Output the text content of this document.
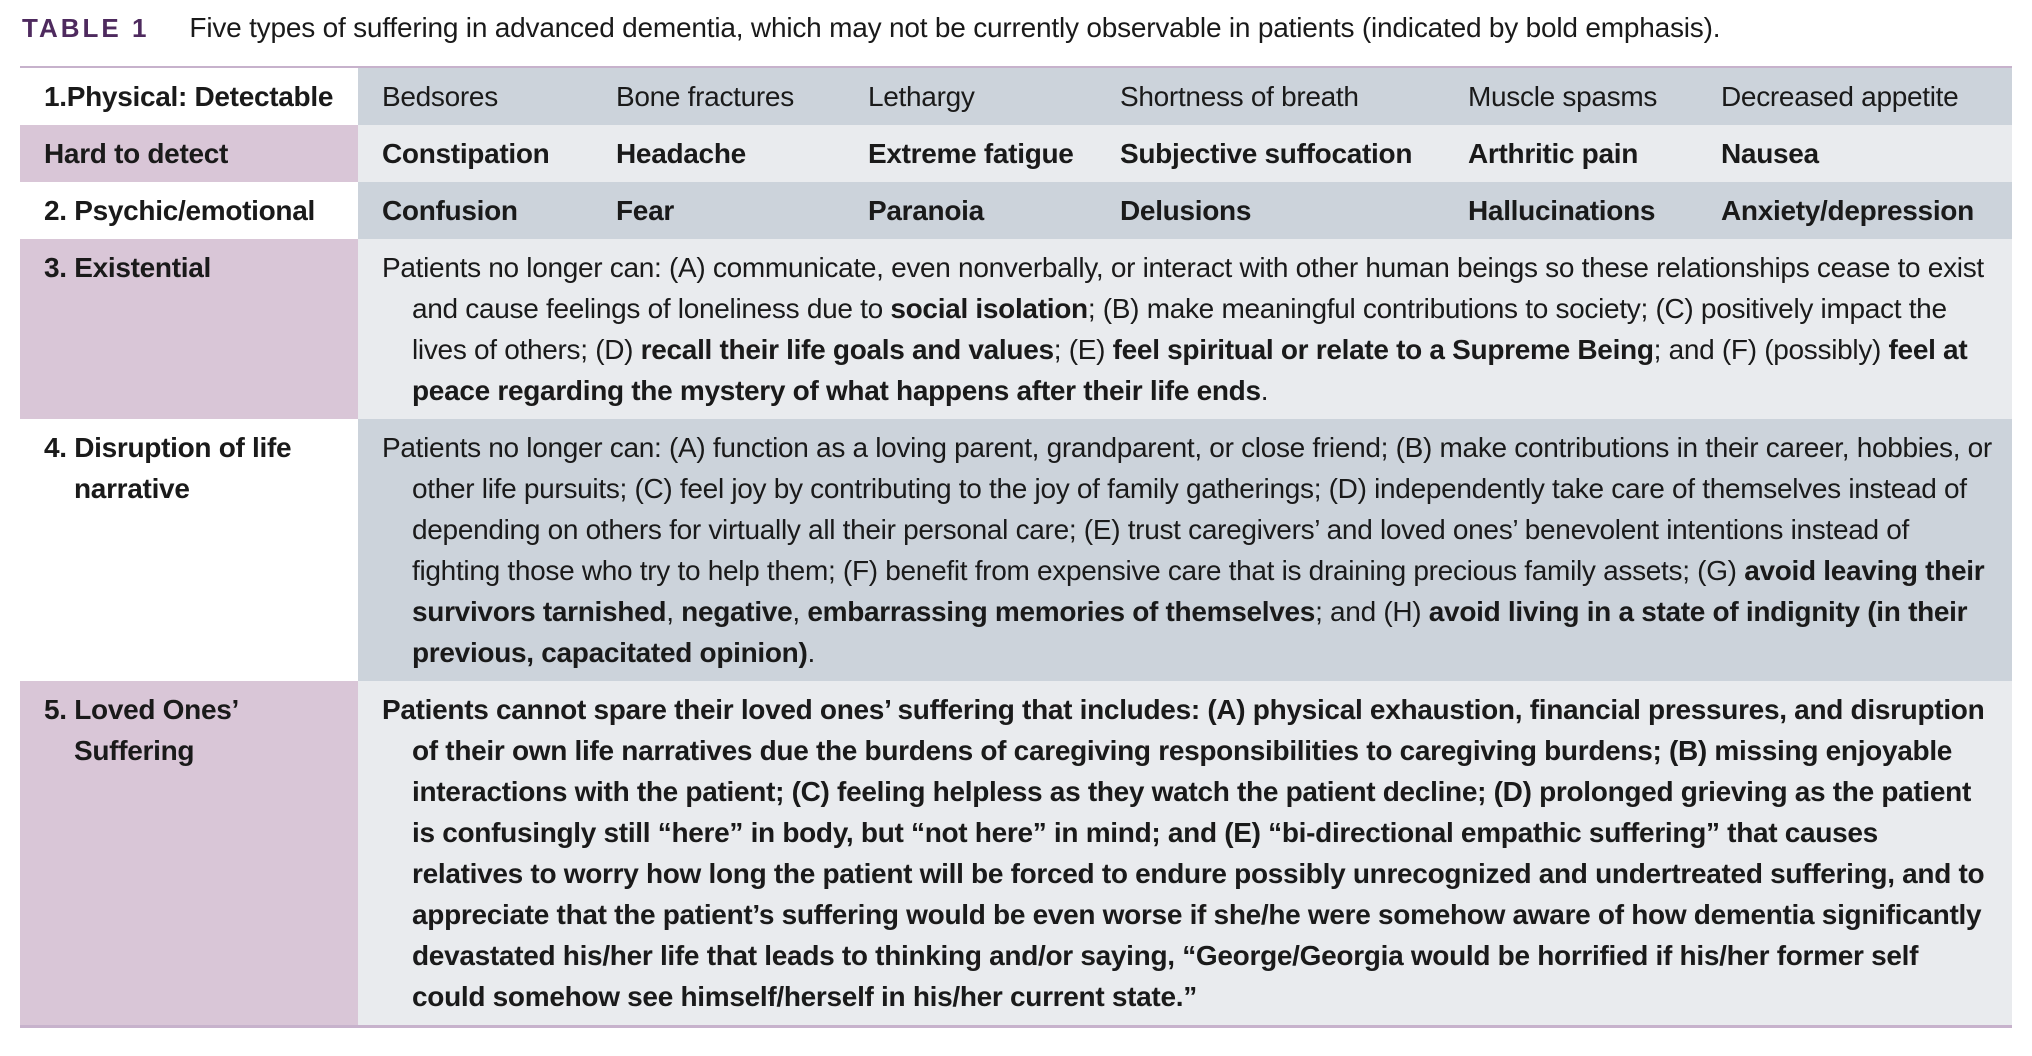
TABLE 1 Five types of suffering in advanced dementia, which may not be currently observable in patients (indicated by bold emphasis).
1.Physical: Detectable	Bedsores	Bone fractures	Lethargy	Shortness of breath	Muscle spasms	Decreased appetite
Hard to detect	Constipation	Headache	Extreme fatigue	Subjective suffocation	Arthritic pain	Nausea
2. Psychic/emotional	Confusion	Fear	Paranoia	Delusions	Hallucinations	Anxiety/depression
3. Existential	Patients no longer can: (A) communicate, even nonverbally, or interact with other human beings so these relationships cease to exist and cause feelings of loneliness due to social isolation; (B) make meaningful contributions to society; (C) positively impact the lives of others; (D) recall their life goals and values; (E) feel spiritual or relate to a Supreme Being; and (F) (possibly) feel at peace regarding the mystery of what happens after their life ends.					

4. Disruption of life
narrative	Patients no longer can: (A) function as a loving parent, grandparent, or close friend; (B) make contributions in their career, hobbies, or other life pursuits; (C) feel joy by contributing to the joy of family gatherings; (D) independently take care of themselves instead of depending on others for virtually all their personal care; (E) trust caregivers’ and loved ones’ benevolent intentions instead of fighting those who try to help them; (F) benefit from expensive care that is draining precious family assets; (G) avoid leaving their survivors tarnished, negative, embarrassing memories of themselves; and (H) avoid living in a state of indignity (in their previous, capacitated opinion).					

5. Loved Ones’
Suffering	Patients cannot spare their loved ones’ suffering that includes: (A) physical exhaustion, financial pressures, and disruption of their own life narratives due the burdens of caregiving responsibilities to caregiving burdens; (B) missing enjoyable interactions with the patient; (C) feeling helpless as they watch the patient decline; (D) prolonged grieving as the patient is confusingly still “here” in body, but “not here” in mind; and (E) “bi-directional empathic suffering” that causes relatives to worry how long the patient will be forced to endure possibly unrecognized and undertreated suffering, and to appreciate that the patient’s suffering would be even worse if she/he were somehow aware of how dementia significantly devastated his/her life that leads to thinking and/or saying, “George/Georgia would be horrified if his/her former self could somehow see himself/herself in his/her current state.”					
